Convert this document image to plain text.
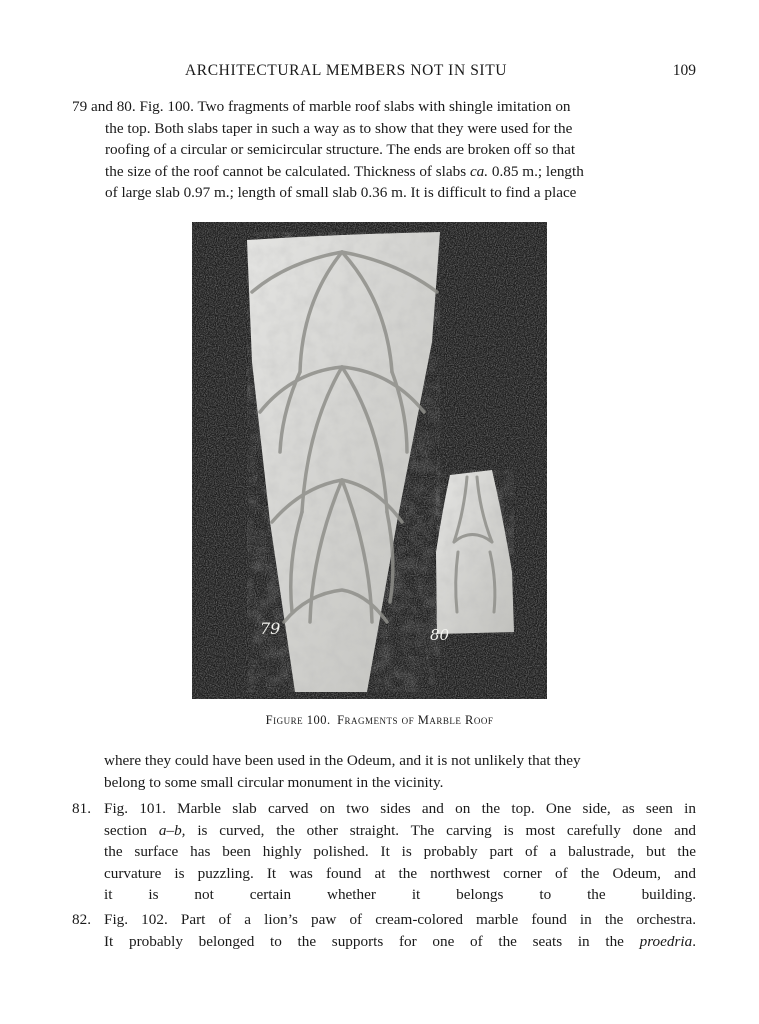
ARCHITECTURAL MEMBERS NOT IN SITU	109
79 and 80. Fig. 100. Two fragments of marble roof slabs with shingle imitation on
the top. Both slabs taper in such a way as to show that they were used for the
roofing of a circular or semicircular structure. The ends are broken off so that
the size of the roof cannot be calculated. Thickness of slabs ca. 0.85 m.; length
of large slab 0.97 m.; length of small slab 0.36 m. It is difficult to find a place
79	80
Figure 100. Fragments of Marble Roof
where they could have been used in the Odeum, and it is not unlikely that they
belong to some small circular monument in the vicinity.
81. Fig. 101. Marble slab carved on two sides and on the top. One side, as seen in
section a–b, is curved, the other straight. The carving is most carefully done and
the surface has been highly polished. It is probably part of a balustrade, but the
curvature is puzzling. It was found at the northwest corner of the Odeum, and
it is not certain whether it belongs to the building.
82. Fig. 102. Part of a lion’s paw of cream-colored marble found in the orchestra.
It probably belonged to the supports for one of the seats in the proedria.
